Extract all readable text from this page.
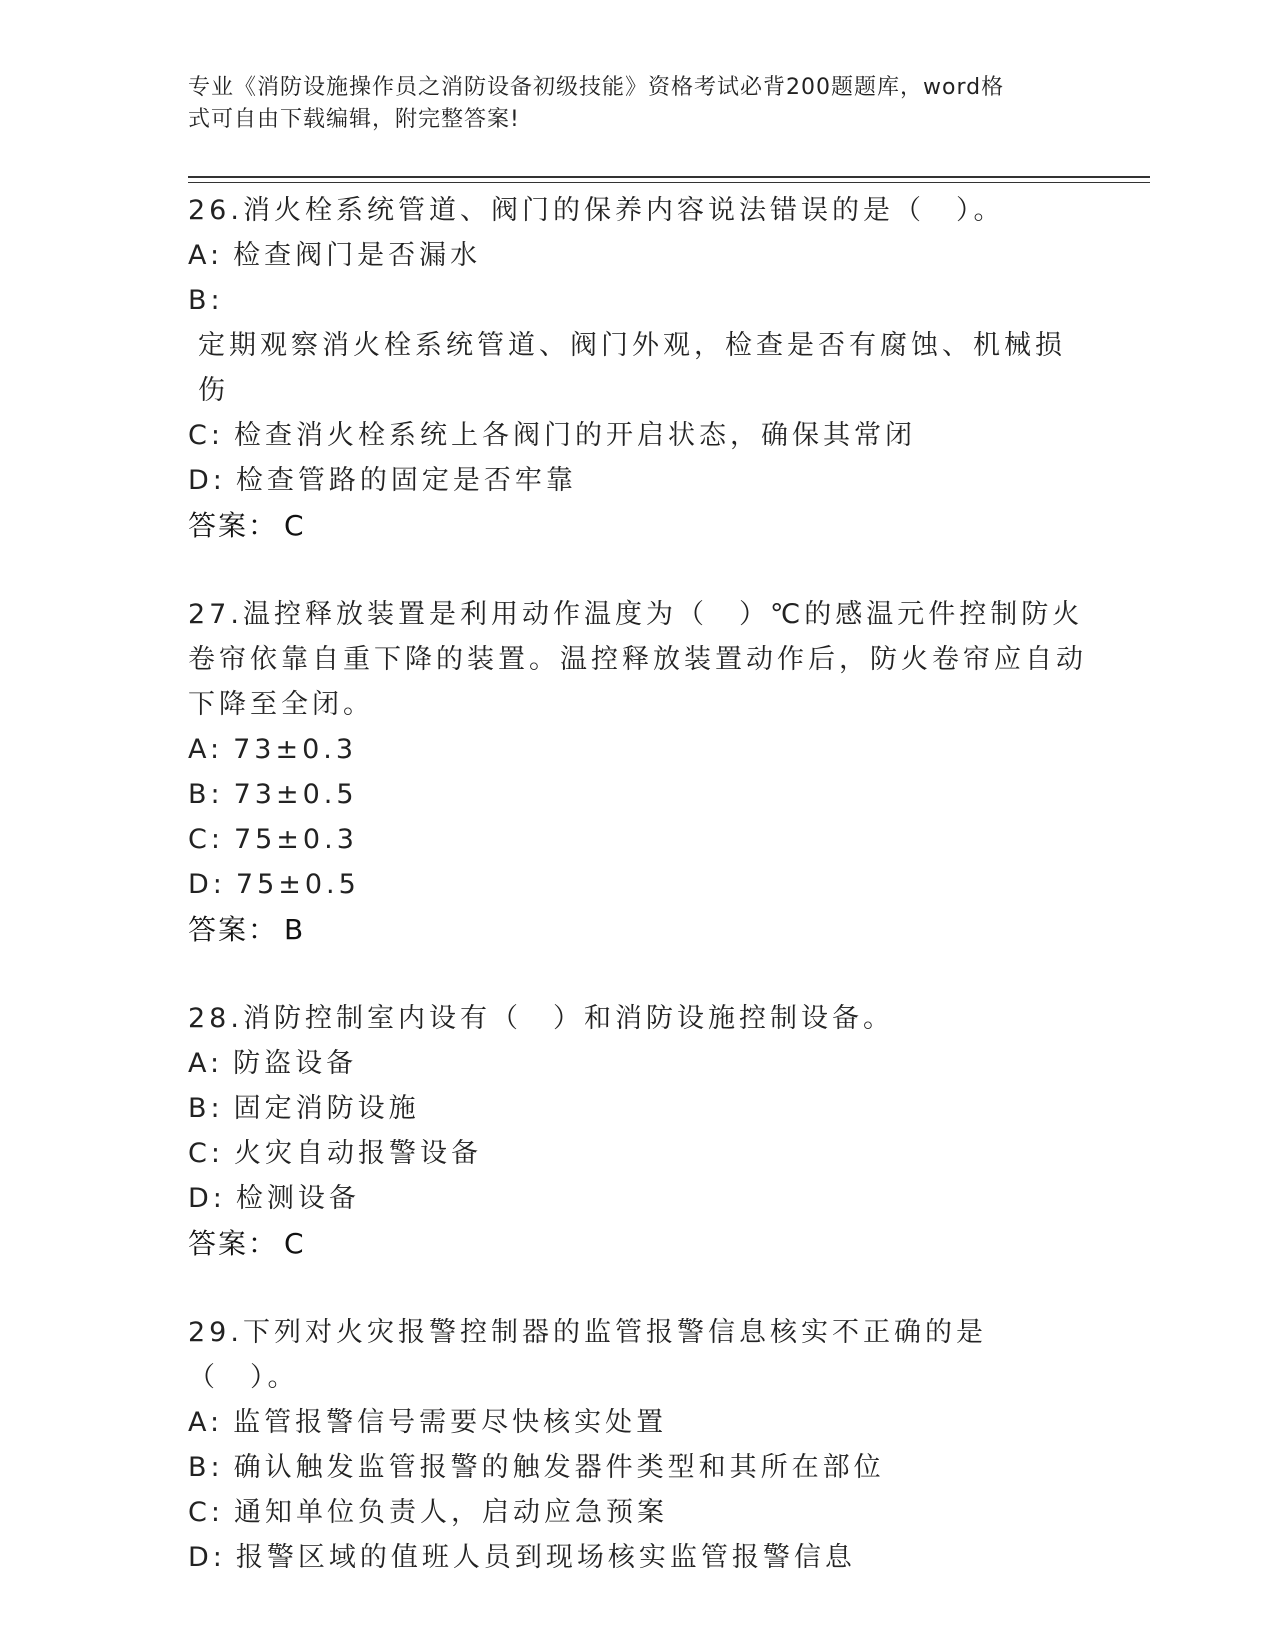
专业《消防设施操作员之消防设备初级技能》资格考试必背200题题库，word格
式可自由下载编辑，附完整答案!
26.消火栓系统管道、阀门的保养内容说法错误的是（　）。
A: 检查阀门是否漏水
B:定期观察消火栓系统管道、阀门外观，检查是否有腐蚀、机械损伤
C: 检查消火栓系统上各阀门的开启状态，确保其常闭
D: 检查管路的固定是否牢靠
答案： C
27.温控释放装置是利用动作温度为（　）℃的感温元件控制防火卷帘依靠自重下降的装置。温控释放装置动作后，防火卷帘应自动下降至全闭。
A: 73±0.3
B: 73±0.5
C: 75±0.3
D: 75±0.5
答案： B
28.消防控制室内设有（　）和消防设施控制设备。
A: 防盗设备
B: 固定消防设施
C: 火灾自动报警设备
D: 检测设备
答案： C
29.下列对火灾报警控制器的监管报警信息核实不正确的是（　）。
A: 监管报警信号需要尽快核实处置
B: 确认触发监管报警的触发器件类型和其所在部位
C: 通知单位负责人，启动应急预案
D: 报警区域的值班人员到现场核实监管报警信息
